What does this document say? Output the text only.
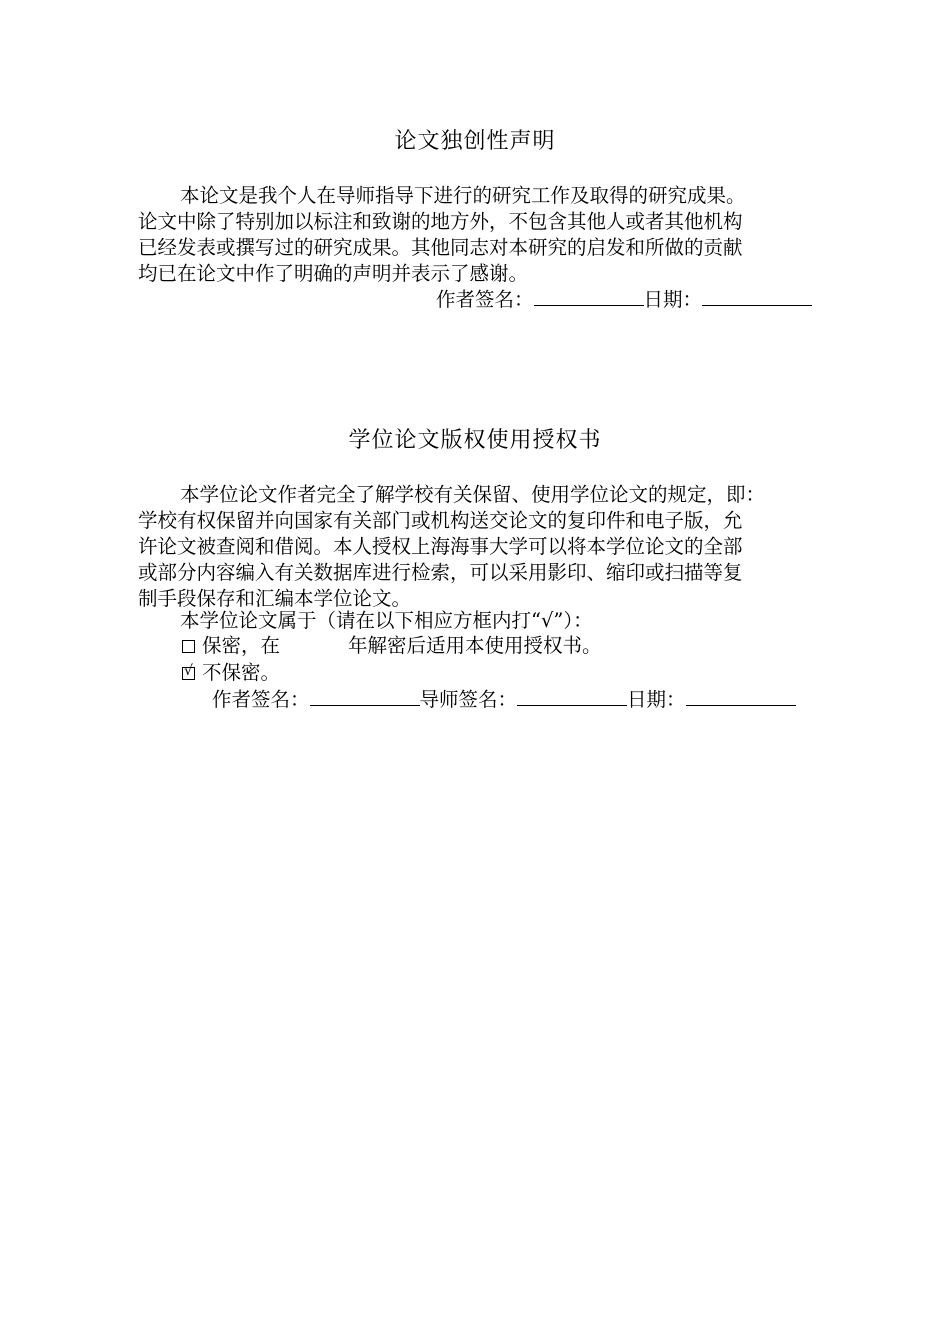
论文独创性声明
本论文是我个人在导师指导下进行的研究工作及取得的研究成果。
论文中除了特别加以标注和致谢的地方外，不包含其他人或者其他机构
已经发表或撰写过的研究成果。其他同志对本研究的启发和所做的贡献
均已在论文中作了明确的声明并表示了感谢。
作者签名：	日期：
学位论文版权使用授权书
本学位论文作者完全了解学校有关保留、使用学位论文的规定，即：
学校有权保留并向国家有关部门或机构送交论文的复印件和电子版，允
许论文被查阅和借阅。本人授权上海海事大学可以将本学位论文的全部
或部分内容编入有关数据库进行检索，可以采用影印、缩印或扫描等复
制手段保存和汇编本学位论文。
本学位论文属于（请在以下相应方框内打“√”）：
保密，在	年解密后适用本使用授权书。
√ 不保密。
作者签名：	导师签名：	日期：
